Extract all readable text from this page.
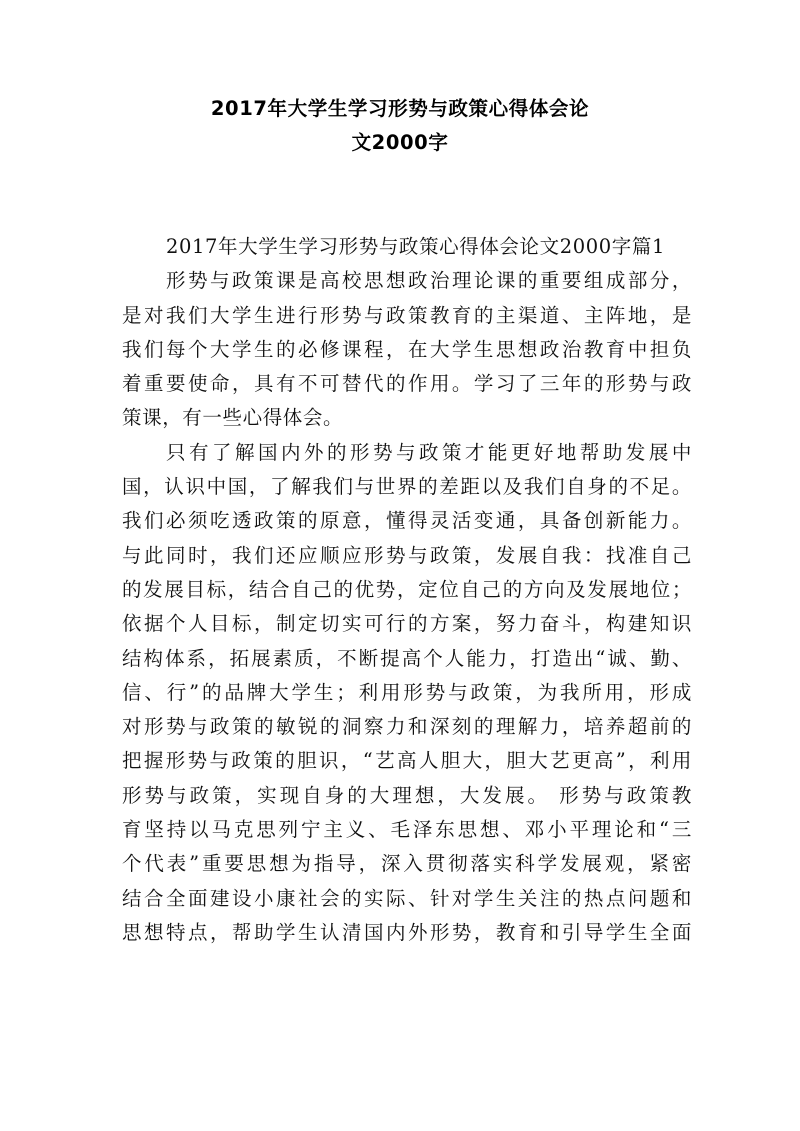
2017年大学生学习形势与政策心得体会论
文2000字
2017年大学生学习形势与政策心得体会论文2000字篇1
形势与政策课是高校思想政治理论课的重要组成部分，
是对我们大学生进行形势与政策教育的主渠道、主阵地，是
我们每个大学生的必修课程，在大学生思想政治教育中担负
着重要使命，具有不可替代的作用。学习了三年的形势与政
策课，有一些心得体会。
只有了解国内外的形势与政策才能更好地帮助发展中
国，认识中国，了解我们与世界的差距以及我们自身的不足。
我们必须吃透政策的原意，懂得灵活变通，具备创新能力。
与此同时，我们还应顺应形势与政策，发展自我：找准自己
的发展目标，结合自己的优势，定位自己的方向及发展地位；
依据个人目标，制定切实可行的方案，努力奋斗，构建知识
结构体系，拓展素质，不断提高个人能力，打造出“诚、勤、
信、行”的品牌大学生；利用形势与政策，为我所用，形成
对形势与政策的敏锐的洞察力和深刻的理解力，培养超前的
把握形势与政策的胆识，“艺高人胆大，胆大艺更高”，利用
形势与政策，实现自身的大理想，大发展。 形势与政策教
育坚持以马克思列宁主义、毛泽东思想、邓小平理论和“三
个代表”重要思想为指导，深入贯彻落实科学发展观，紧密
结合全面建设小康社会的实际、针对学生关注的热点问题和
思想特点，帮助学生认清国内外形势，教育和引导学生全面
